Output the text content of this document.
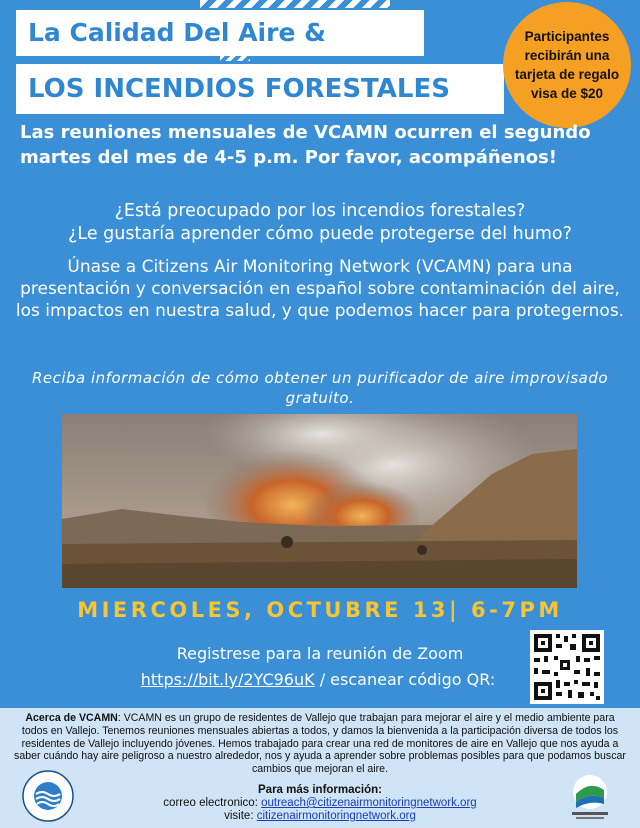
La Calidad Del Aire &
LOS INCENDIOS FORESTALES
Participantes recibirán una tarjeta de regalo visa de $20
Las reuniones mensuales de VCAMN ocurren el segundo martes del mes de 4-5 p.m. Por favor, acompáñenos!
¿Está preocupado por los incendios forestales?
¿Le gustaría aprender cómo puede protegerse del humo?
Únase a Citizens Air Monitoring Network (VCAMN) para una presentación y conversación en español sobre contaminación del aire, los impactos en nuestra salud, y que podemos hacer para protegernos.
Reciba información de cómo obtener un purificador de aire improvisado gratuito.
MIERCOLES, OCTUBRE 13| 6-7PM
Registrese para la reunión de Zoom
https://bit.ly/2YC96uK / escanear código QR:
Acerca de VCAMN: VCAMN es un grupo de residentes de Vallejo que trabajan para mejorar el aire y el medio ambiente para todos en Vallejo. Tenemos reuniones mensuales abiertas a todos, y damos la bienvenida a la participación diversa de todos los residentes de Vallejo incluyendo jóvenes. Hemos trabajado para crear una red de monitores de aire en Vallejo que nos ayuda a saber cuándo hay aire peligroso a nuestro alrededor, nos y ayuda a aprender sobre problemas posibles para que podamos buscar cambios que mejoran el aire.
Para más información:
correo electronico: outreach@citizenairmonitoringnetwork.org
visite: citizenairmonitoringnetwork.org
